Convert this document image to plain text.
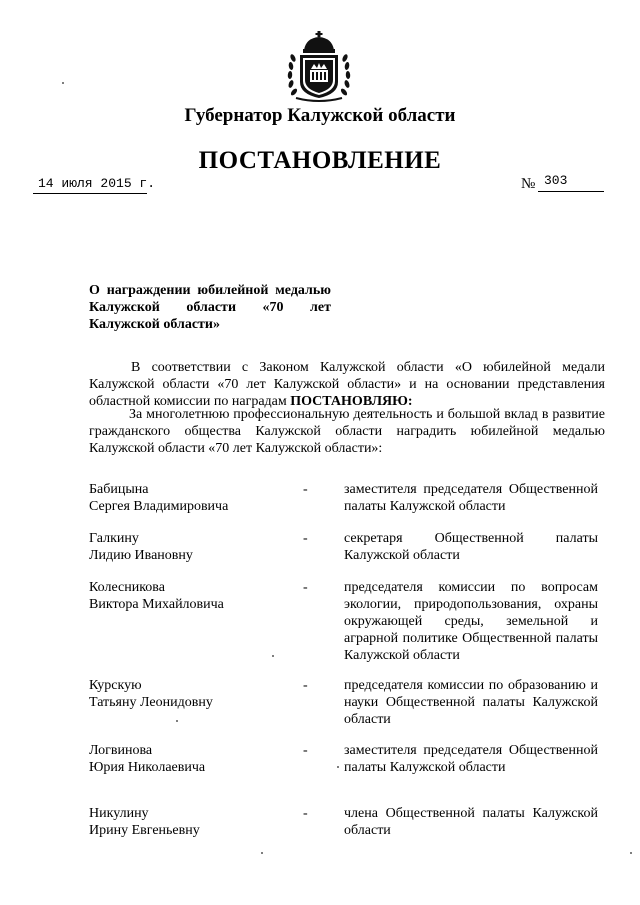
Губернатор Калужской области
ПОСТАНОВЛЕНИЕ
14 июля 2015 г.	№ 303
О награждении юбилейной медалью
Калужской области «70 лет
Калужской области»
В соответствии с Законом Калужской области «О юбилейной медали
Калужской области «70 лет Калужской области» и на основании представления
областной комиссии по наградам ПОСТАНОВЛЯЮ:
За многолетнюю профессиональную деятельность и большой вклад в развитие
гражданского общества Калужской области наградить юбилейной медалью
Калужской области «70 лет Калужской области»:
Бабицына
Сергея Владимировича
-	заместителя председателя Общественной
палаты Калужской области
Галкину
Лидию Ивановну
-	секретаря Общественной палаты
Калужской области
Колесникова
Виктора Михайловича
-	председателя комиссии по вопросам
экологии, природопользования, охраны
окружающей среды, земельной и
аграрной политике Общественной палаты
Калужской области
Курскую
Татьяну Леонидовну
-	председателя комиссии по образованию и
науки Общественной палаты Калужской
области
Логвинова
Юрия Николаевича
-	заместителя председателя Общественной
палаты Калужской области
Никулину
Ирину Евгеньевну
-	члена Общественной палаты Калужской
области
